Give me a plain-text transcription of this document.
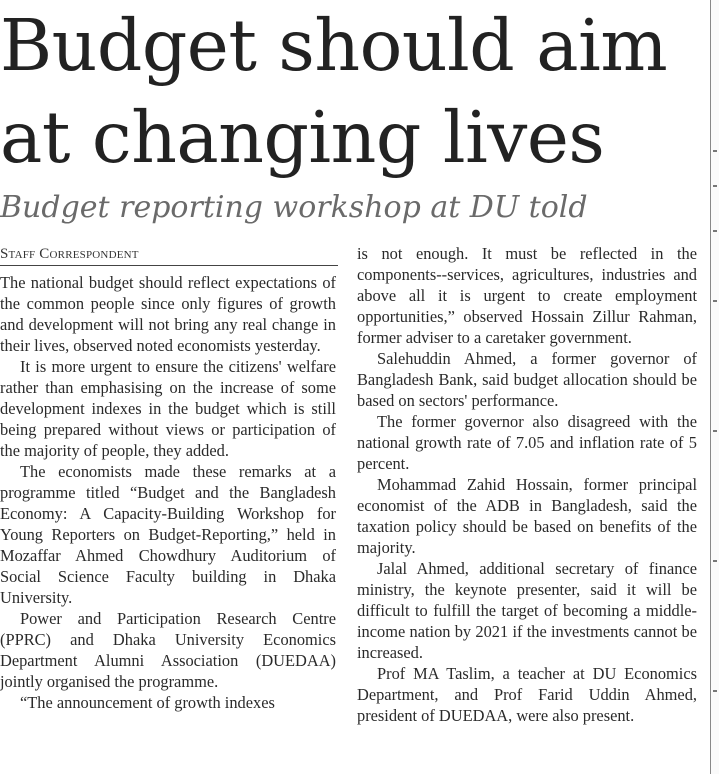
Budget should aim
at changing lives
Budget reporting workshop at DU told
Staff Correspondent

The national budget should reflect expectations of the common people since only figures of growth and development will not bring any real change in their lives, observed noted economists yesterday.

It is more urgent to ensure the citizens' welfare rather than emphasising on the increase of some development indexes in the budget which is still being prepared without views or participation of the majority of people, they added.

The economists made these remarks at a programme titled “Budget and the Bangladesh Economy: A Capacity-Building Workshop for Young Reporters on Budget-Reporting,” held in Mozaffar Ahmed Chowdhury Auditorium of Social Science Faculty building in Dhaka University.

Power and Participation Research Centre (PPRC) and Dhaka University Economics Department Alumni Association (DUEDAA) jointly organised the programme.

“The announcement of growth indexes

is not enough. It must be reflected in the components--services, agricultures, industries and above all it is urgent to create employment opportunities,” observed Hossain Zillur Rahman, former adviser to a caretaker government.

Salehuddin Ahmed, a former governor of Bangladesh Bank, said budget allocation should be based on sectors' performance.

The former governor also disagreed with the national growth rate of 7.05 and inflation rate of 5 percent.

Mohammad Zahid Hossain, former principal economist of the ADB in Bangladesh, said the taxation policy should be based on benefits of the majority.

Jalal Ahmed, additional secretary of finance ministry, the keynote presenter, said it will be difficult to fulfill the target of becoming a middle-income nation by 2021 if the investments cannot be increased.

Prof MA Taslim, a teacher at DU Economics Department, and Prof Farid Uddin Ahmed, president of DUEDAA, were also present.
